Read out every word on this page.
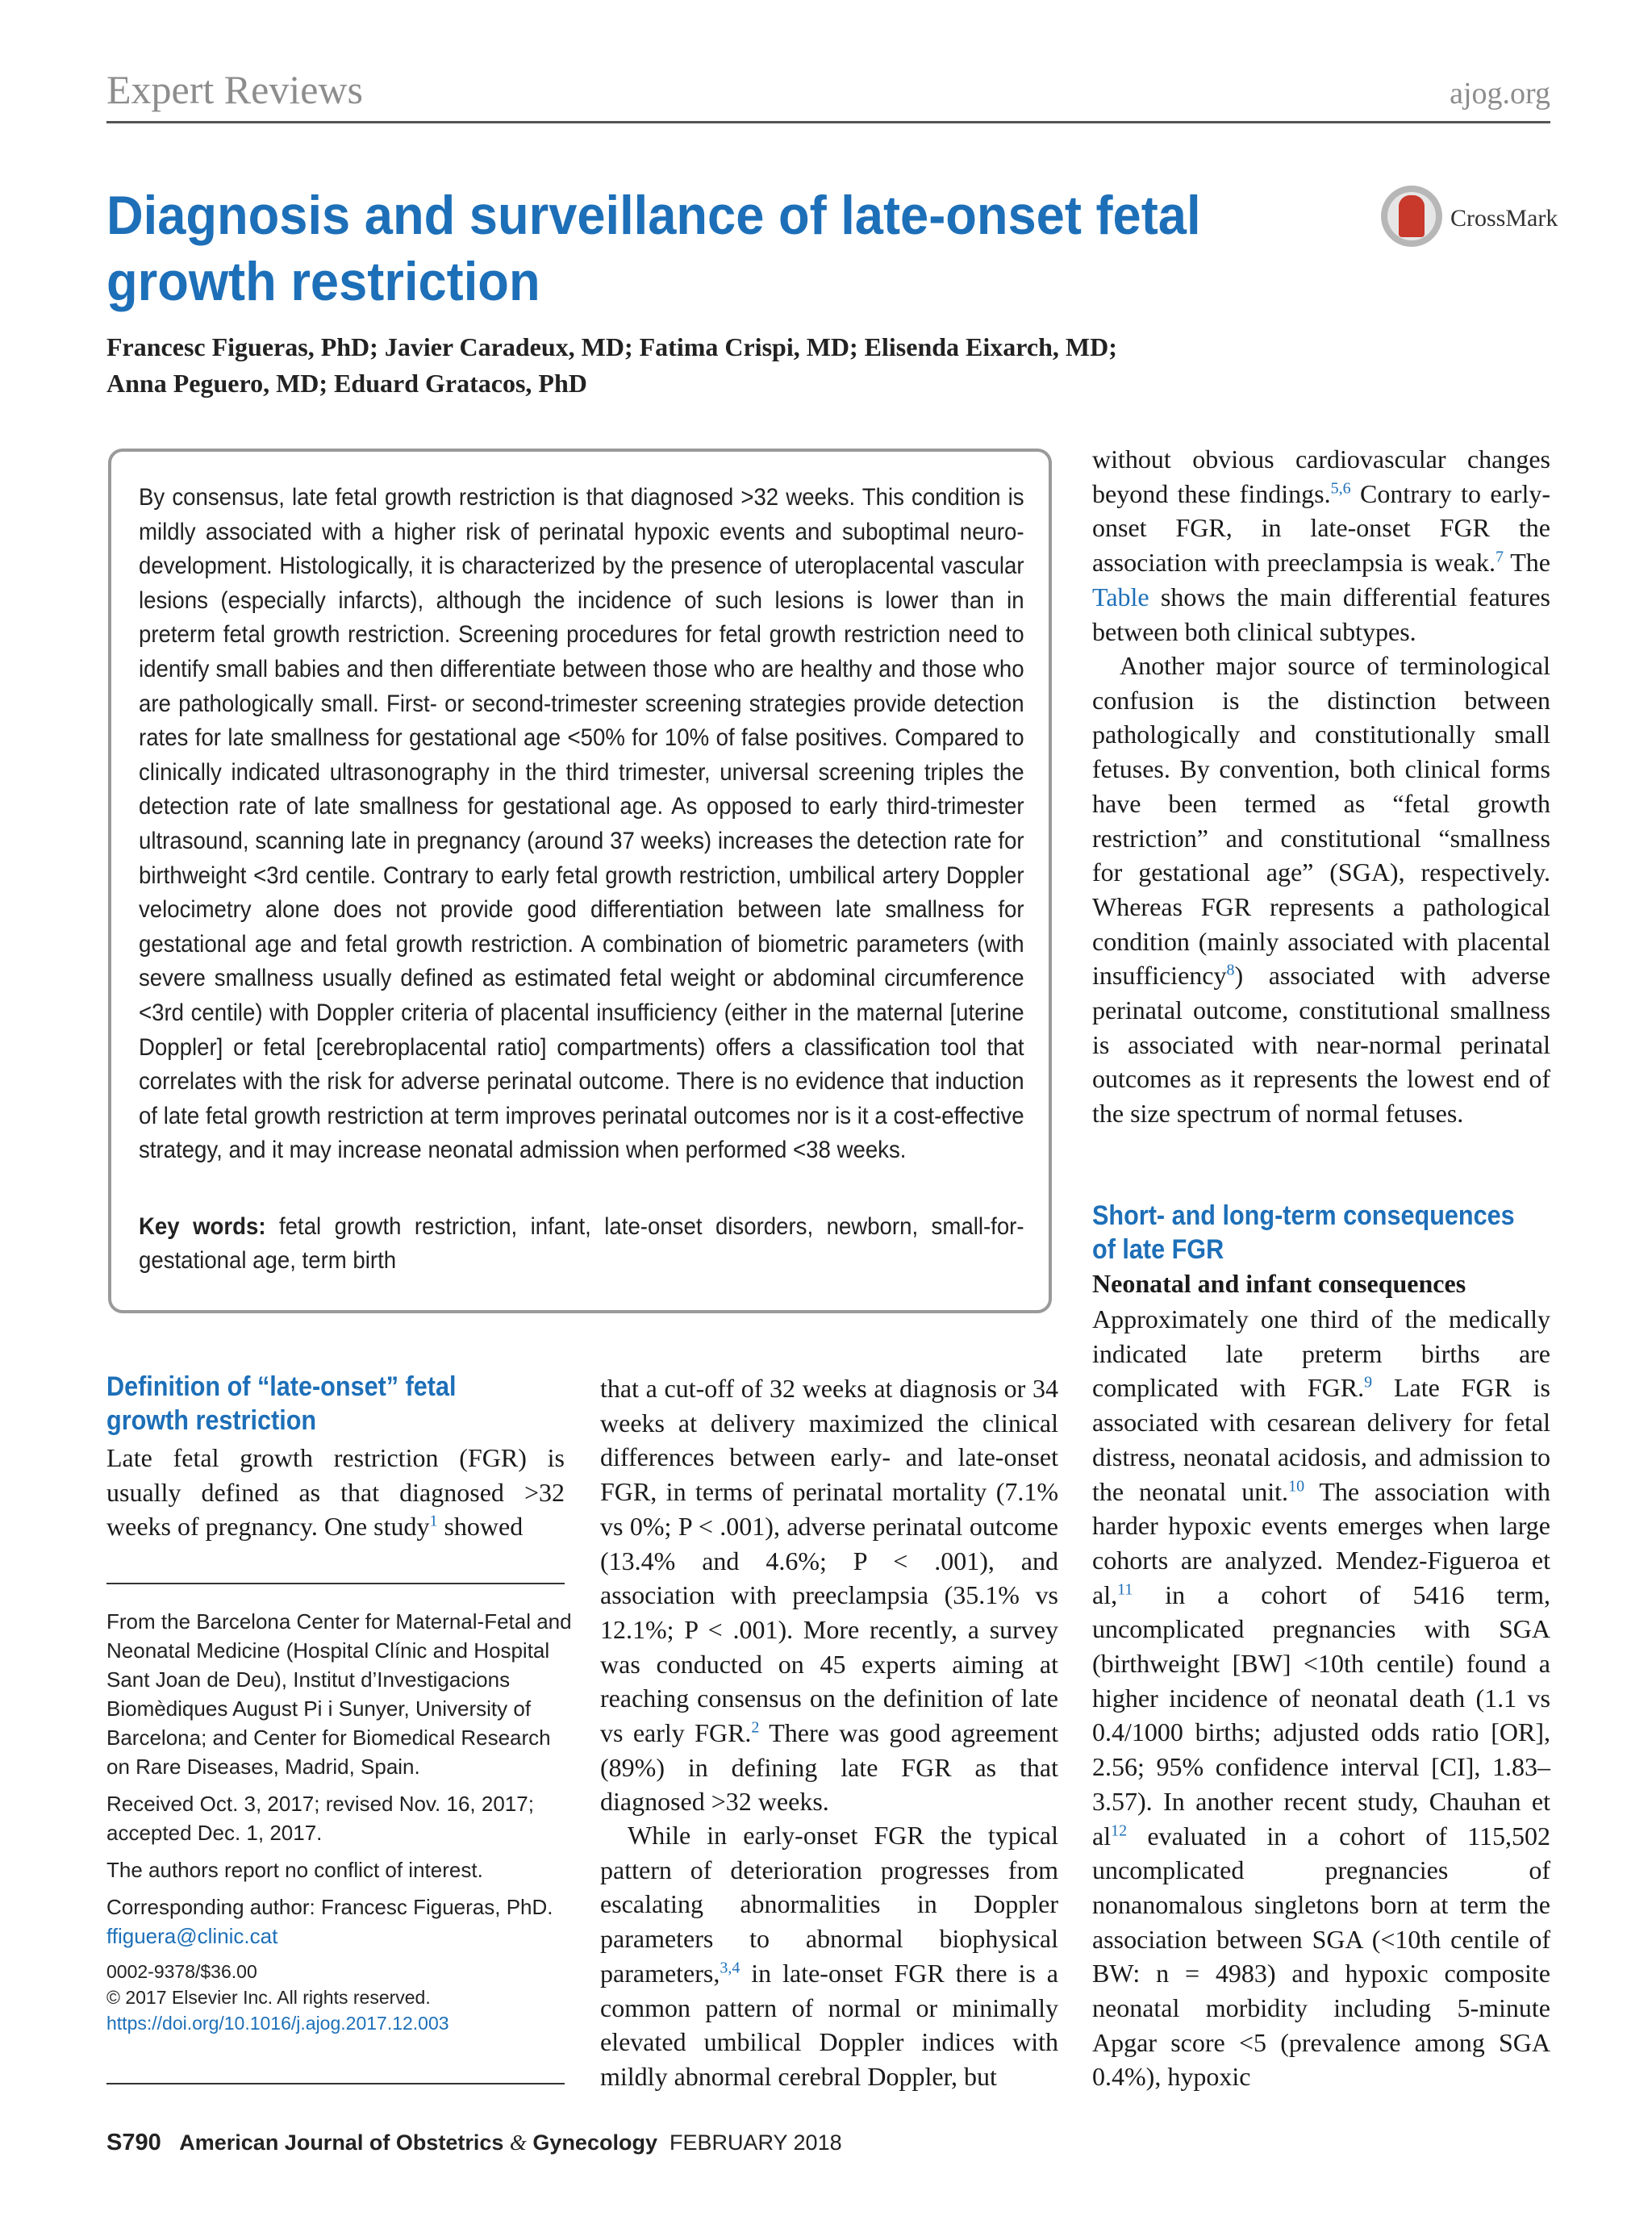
Expert Reviews	ajog.org
Diagnosis and surveillance of late-onset fetal
growth restriction
CrossMark
Francesc Figueras, PhD; Javier Caradeux, MD; Fatima Crispi, MD; Elisenda Eixarch, MD;
Anna Peguero, MD; Eduard Gratacos, PhD
By consensus, late fetal growth restriction is that diagnosed >32 weeks. This condition is mildly associated with a higher risk of perinatal hypoxic events and suboptimal neuro-development. Histologically, it is characterized by the presence of uteroplacental vascular lesions (especially infarcts), although the incidence of such lesions is lower than in preterm fetal growth restriction. Screening procedures for fetal growth restriction need to identify small babies and then differentiate between those who are healthy and those who are pathologically small. First- or second-trimester screening strategies provide detection rates for late smallness for gestational age <50% for 10% of false positives. Compared to clinically indicated ultrasonography in the third trimester, universal screening triples the detection rate of late smallness for gestational age. As opposed to early third-trimester ultrasound, scanning late in pregnancy (around 37 weeks) increases the detection rate for birthweight <3rd centile. Contrary to early fetal growth restriction, umbilical artery Doppler velocimetry alone does not provide good differentiation between late smallness for gestational age and fetal growth restriction. A combination of biometric parameters (with severe smallness usually defined as estimated fetal weight or abdominal circumference <3rd centile) with Doppler criteria of placental insufficiency (either in the maternal [uterine Doppler] or fetal [cerebroplacental ratio] compartments) offers a classification tool that correlates with the risk for adverse perinatal outcome. There is no evidence that induction of late fetal growth restriction at term improves perinatal outcomes nor is it a cost-effective strategy, and it may increase neonatal admission when performed <38 weeks.
Key words: fetal growth restriction, infant, late-onset disorders, newborn, small-for-gestational age, term birth
Definition of “late-onset” fetal
growth restriction
Late fetal growth restriction (FGR) is usually defined as that diagnosed >32 weeks of pregnancy. One study$^1$ showed
From the Barcelona Center for Maternal-Fetal and Neonatal Medicine (Hospital Clínic and Hospital Sant Joan de Deu), Institut d’Investigacions Biomèdiques August Pi i Sunyer, University of Barcelona; and Center for Biomedical Research on Rare Diseases, Madrid, Spain.
Received Oct. 3, 2017; revised Nov. 16, 2017; accepted Dec. 1, 2017.
The authors report no conflict of interest.
Corresponding author: Francesc Figueras, PhD.
ffiguera@clinic.cat
0002-9378/$36.00
© 2017 Elsevier Inc. All rights reserved.
https://doi.org/10.1016/j.ajog.2017.12.003
that a cut-off of 32 weeks at diagnosis or 34 weeks at delivery maximized the clinical differences between early- and late-onset FGR, in terms of perinatal mortality (7.1% vs 0%; P < .001), adverse perinatal outcome (13.4% and 4.6%; P < .001), and association with preeclampsia (35.1% vs 12.1%; P < .001). More recently, a survey was conducted on 45 experts aiming at reaching consensus on the definition of late vs early FGR.$^2$ There was good agreement (89%) in defining late FGR as that diagnosed >32 weeks.
While in early-onset FGR the typical pattern of deterioration progresses from escalating abnormalities in Doppler parameters to abnormal biophysical parameters,$^{3,4}$ in late-onset FGR there is a common pattern of normal or minimally elevated umbilical Doppler indices with mildly abnormal cerebral Doppler, but
without obvious cardiovascular changes beyond these findings.$^{5,6}$ Contrary to early-onset FGR, in late-onset FGR the association with preeclampsia is weak.$^7$ The Table shows the main differential features between both clinical subtypes.
Another major source of terminological confusion is the distinction between pathologically and constitutionally small fetuses. By convention, both clinical forms have been termed as “fetal growth restriction” and constitutional “smallness for gestational age” (SGA), respectively. Whereas FGR represents a pathological condition (mainly associated with placental insufficiency$^8$) associated with adverse perinatal outcome, constitutional smallness is associated with near-normal perinatal outcomes as it represents the lowest end of the size spectrum of normal fetuses.
Short- and long-term consequences
of late FGR
Neonatal and infant consequences
Approximately one third of the medically indicated late preterm births are complicated with FGR.$^9$ Late FGR is associated with cesarean delivery for fetal distress, neonatal acidosis, and admission to the neonatal unit.$^{10}$ The association with harder hypoxic events emerges when large cohorts are analyzed. Mendez-Figueroa et al,$^{11}$ in a cohort of 5416 term, uncomplicated pregnancies with SGA (birthweight [BW] <10th centile) found a higher incidence of neonatal death (1.1 vs 0.4/1000 births; adjusted odds ratio [OR], 2.56; 95% confidence interval [CI], 1.83–3.57). In another recent study, Chauhan et al$^{12}$ evaluated in a cohort of 115,502 uncomplicated pregnancies of nonanomalous singletons born at term the association between SGA (<10th centile of BW: n = 4983) and hypoxic composite neonatal morbidity including 5-minute Apgar score <5 (prevalence among SGA 0.4%), hypoxic
S790 American Journal of Obstetrics & Gynecology FEBRUARY 2018
